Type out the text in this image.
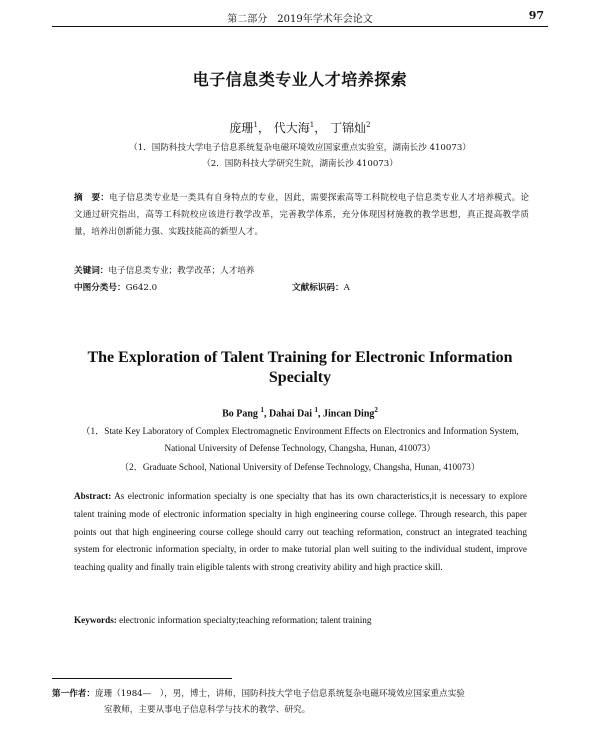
第二部分　2019年学术年会论文	97
电子信息类专业人才培养探索
庞珊$^1$， 代大海$^1$， 丁锦灿$^2$
（1．国防科技大学电子信息系统复杂电磁环境效应国家重点实验室，湖南长沙 410073）
（2．国防科技大学研究生院，湖南长沙 410073）
摘　要：电子信息类专业是一类具有自身特点的专业，因此，需要探索高等工科院校电子信息类专业人才培养模式。论文通过研究指出，高等工科院校应该进行教学改革，完善教学体系，充分体现因材施教的教学思想，真正提高教学质量，培养出创新能力强、实践技能高的新型人才。
关键词：电子信息类专业；教学改革；人才培养
中图分类号：G642.0	文献标识码：A
The Exploration of Talent Training for Electronic Information
Specialty
Bo Pang $^1$, Dahai Dai $^1$, Jincan Ding$^2$
（1．State Key Laboratory of Complex Electromagnetic Environment Effects on Electronics and Information System,
National University of Defense Technology, Changsha, Hunan, 410073）
（2．Graduate School, National University of Defense Technology, Changsha, Hunan, 410073）
Abstract: As electronic information specialty is one specialty that has its own characteristics,it is necessary to explore talent training mode of electronic information specialty in high engineering course college. Through research, this paper points out that high engineering course college should carry out teaching reformation, construct an integrated teaching system for electronic information specialty, in order to make tutorial plan well suiting to the individual student, improve teaching quality and finally train eligible talents with strong creativity ability and high practice skill.
Keywords: electronic information specialty;teaching reformation; talent training
第一作者：庞珊（1984—　），男，博士，讲师，国防科技大学电子信息系统复杂电磁环境效应国家重点实验
室教师，主要从事电子信息科学与技术的教学、研究。
